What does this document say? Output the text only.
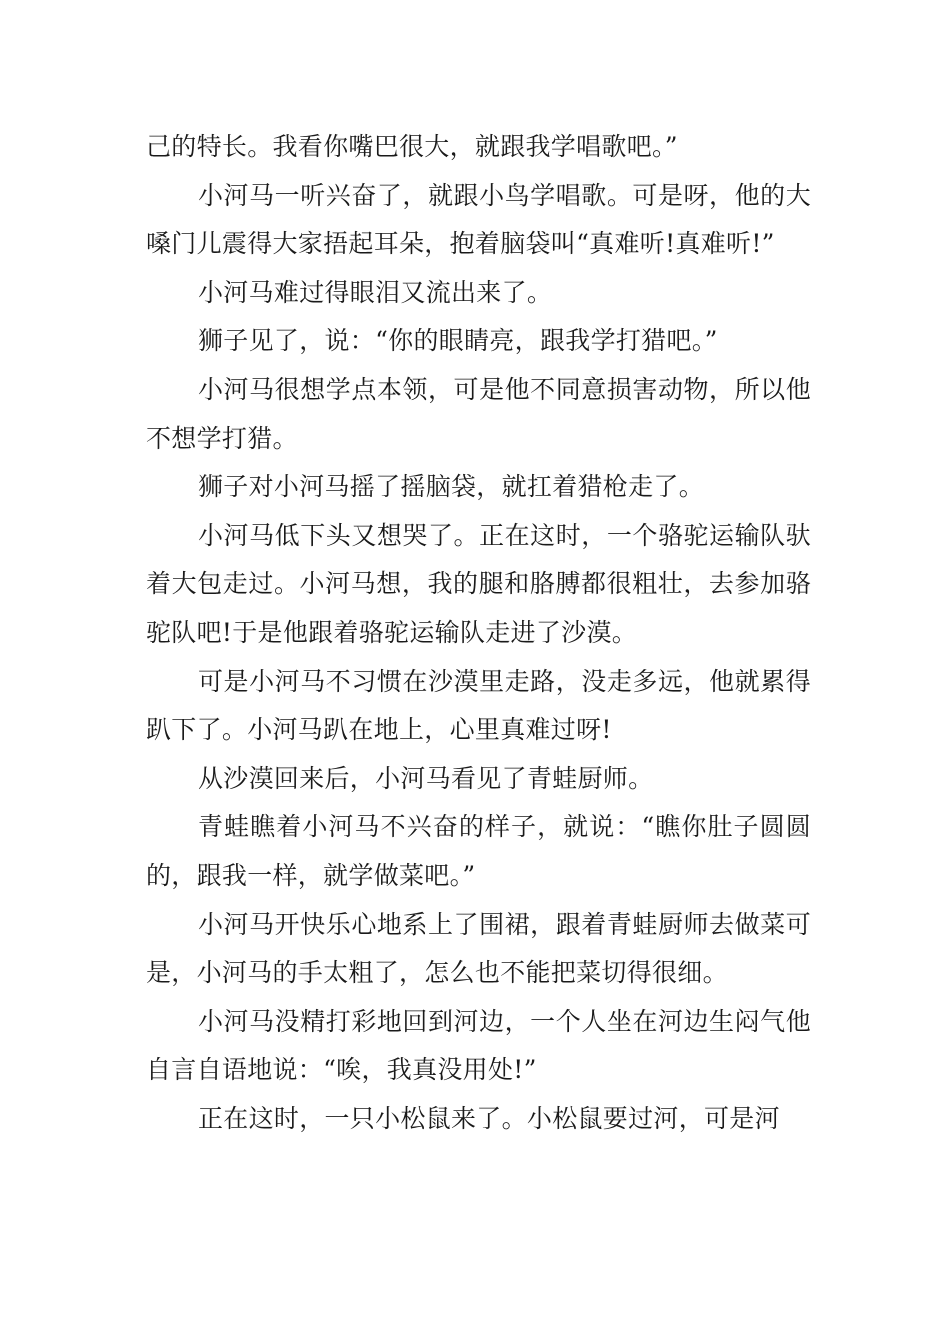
己的特长。我看你嘴巴很大，就跟我学唱歌吧。”

小河马一听兴奋了，就跟小鸟学唱歌。可是呀，他的大嗓门儿震得大家捂起耳朵，抱着脑袋叫“真难听!真难听!”

小河马难过得眼泪又流出来了。

狮子见了，说：“你的眼睛亮，跟我学打猎吧。”

小河马很想学点本领，可是他不同意损害动物，所以他不想学打猎。

狮子对小河马摇了摇脑袋，就扛着猎枪走了。

小河马低下头又想哭了。正在这时，一个骆驼运输队驮着大包走过。小河马想，我的腿和胳膊都很粗壮，去参加骆驼队吧!于是他跟着骆驼运输队走进了沙漠。

可是小河马不习惯在沙漠里走路，没走多远，他就累得趴下了。小河马趴在地上，心里真难过呀!

从沙漠回来后，小河马看见了青蛙厨师。

青蛙瞧着小河马不兴奋的样子，就说：“瞧你肚子圆圆的，跟我一样，就学做菜吧。”

小河马开快乐心地系上了围裙，跟着青蛙厨师去做菜可是，小河马的手太粗了，怎么也不能把菜切得很细。

小河马没精打彩地回到河边，一个人坐在河边生闷气他自言自语地说：“唉，我真没用处!”

正在这时，一只小松鼠来了。小松鼠要过河，可是河
